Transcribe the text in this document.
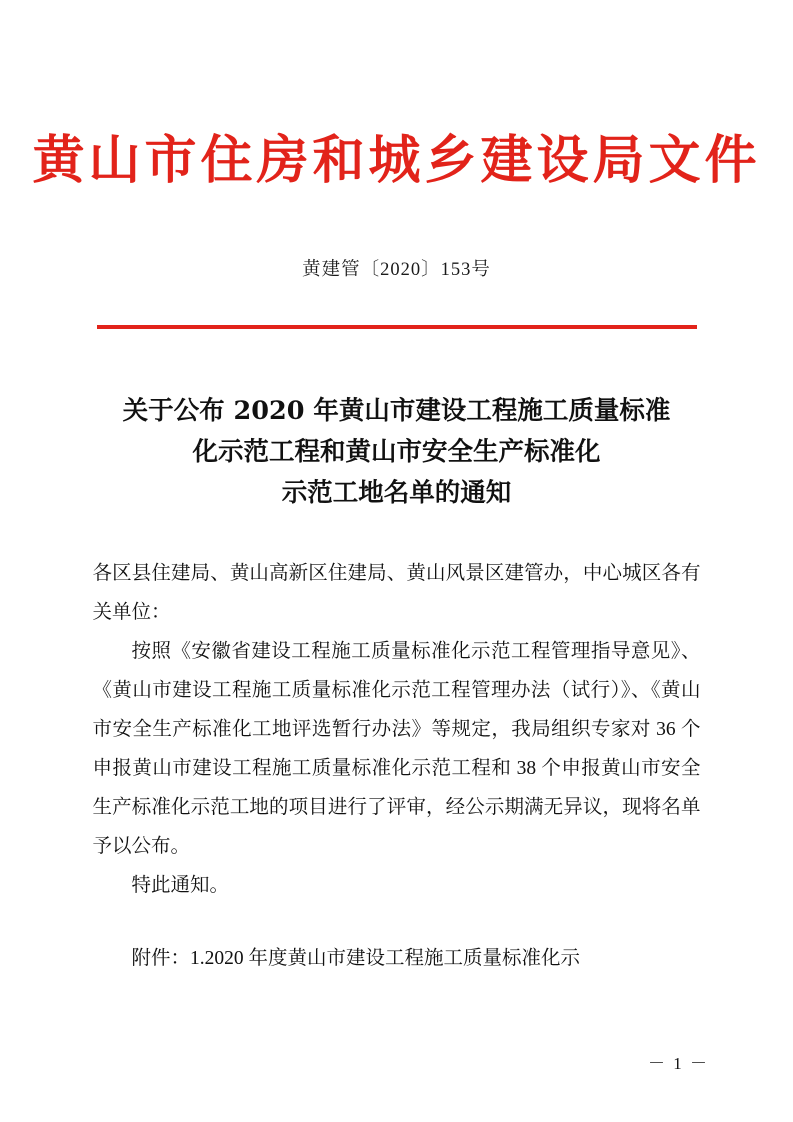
黄山市住房和城乡建设局文件
黄建管〔2020〕153号
关于公布 2020 年黄山市建设工程施工质量标准
化示范工程和黄山市安全生产标准化
示范工地名单的通知

各区县住建局、黄山高新区住建局、黄山风景区建管办，中心城区各有关单位：

按照《安徽省建设工程施工质量标准化示范工程管理指导意见》、《黄山市建设工程施工质量标准化示范工程管理办法（试行）》、《黄山市安全生产标准化工地评选暂行办法》等规定，我局组织专家对 36 个申报黄山市建设工程施工质量标准化示范工程和 38 个申报黄山市安全生产标准化示范工地的项目进行了评审，经公示期满无异议，现将名单予以公布。

特此通知。

附件：1.2020 年度黄山市建设工程施工质量标准化示
－ 1 －
